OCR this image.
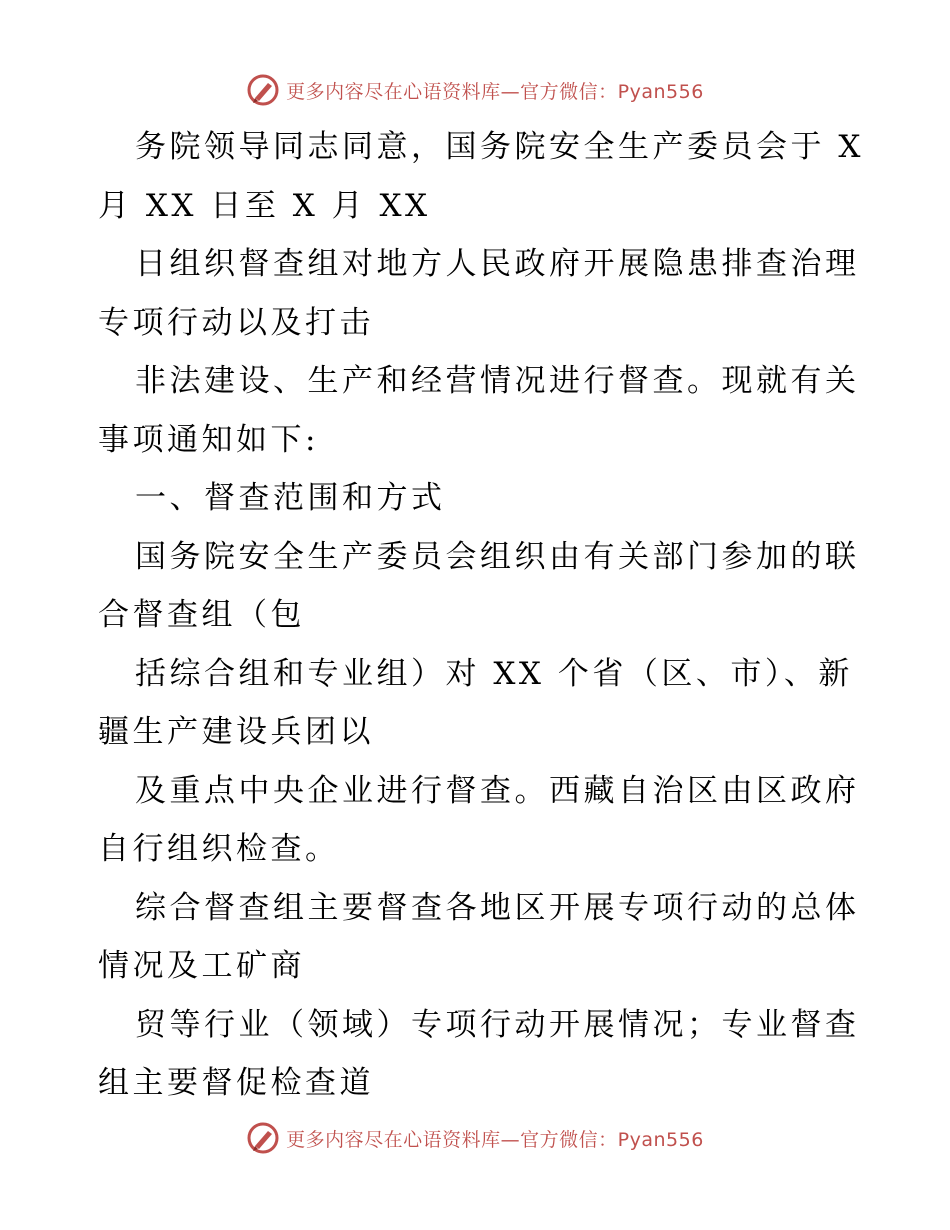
更多内容尽在心语资料库—官方微信：Pyan556
务院领导同志同意，国务院安全生产委员会于 X
月 XX 日至 X 月 XX
日组织督查组对地方人民政府开展隐患排查治理
专项行动以及打击
非法建设、生产和经营情况进行督查。现就有关
事项通知如下:
一、督查范围和方式
国务院安全生产委员会组织由有关部门参加的联
合督查组（包
括综合组和专业组）对 XX 个省（区、市）、新
疆生产建设兵团以
及重点中央企业进行督查。西藏自治区由区政府
自行组织检查。
综合督查组主要督查各地区开展专项行动的总体
情况及工矿商
贸等行业（领域）专项行动开展情况；专业督查
组主要督促检查道
更多内容尽在心语资料库—官方微信：Pyan556
